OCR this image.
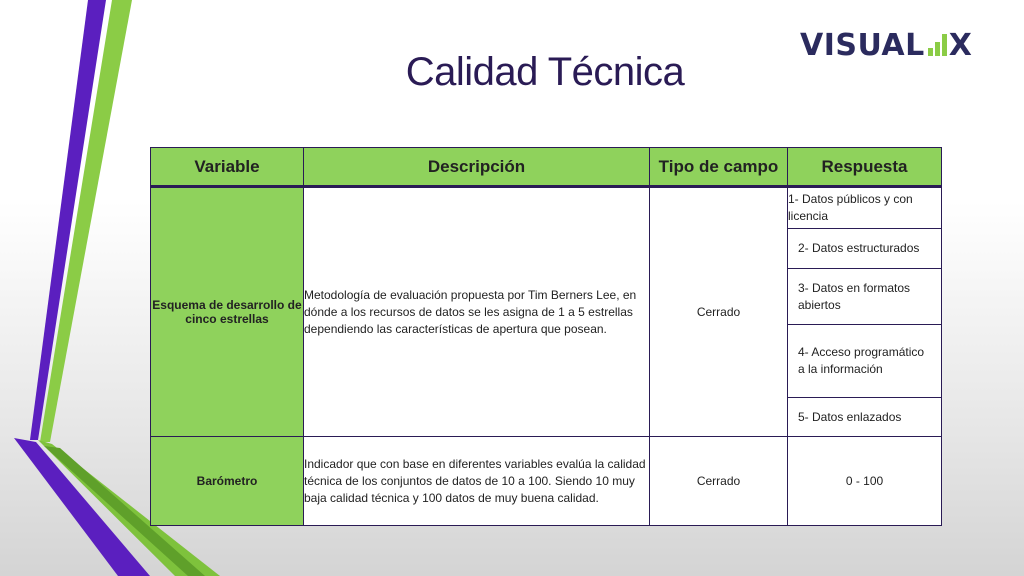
VISUAL X
Calidad Técnica
Variable	Descripción	Tipo de campo	Respuesta
Esquema de desarrollo de cinco estrellas	Metodología de evaluación propuesta por Tim Berners Lee, en dónde a los recursos de datos se les asigna de 1 a 5 estrellas dependiendo las características de apertura que posean.	Cerrado	1- Datos públicos y con licencia
2- Datos estructurados
3- Datos en formatos abiertos
4- Acceso programático a la información
5- Datos enlazados

Barómetro	Indicador que con base en diferentes variables evalúa la calidad técnica de los conjuntos de datos de 10 a 100. Siendo 10 muy baja calidad técnica y 100 datos de muy buena calidad.	Cerrado	0 - 100
